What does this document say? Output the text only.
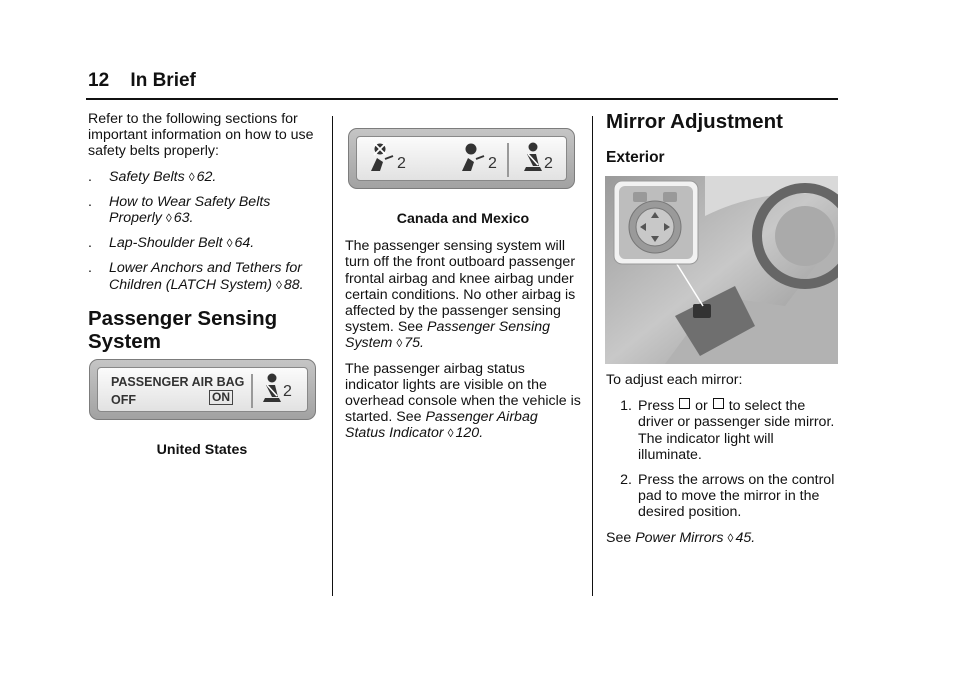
12 In Brief

Refer to the following sections for important information on how to use safety belts properly:

.	Safety Belts ◊ 62.
.	How to Wear Safety Belts Properly ◊ 63.
.	Lap-Shoulder Belt ◊ 64.
.	Lower Anchors and Tethers for Children (LATCH System) ◊ 88.
Passenger Sensing System
PASSENGER AIR BAG
OFF	ON	2
United States
2	2	2
Canada and Mexico

The passenger sensing system will turn off the front outboard passenger frontal airbag and knee airbag under certain conditions. No other airbag is affected by the passenger sensing system. See Passenger Sensing System ◊ 75.

The passenger airbag status indicator lights are visible on the overhead console when the vehicle is started. See Passenger Airbag Status Indicator ◊ 120.

Mirror Adjustment
Exterior

To adjust each mirror:

1. Press or to select the driver or passenger side mirror. The indicator light will illuminate.
2. Press the arrows on the control pad to move the mirror in the desired position.

See Power Mirrors ◊ 45.
